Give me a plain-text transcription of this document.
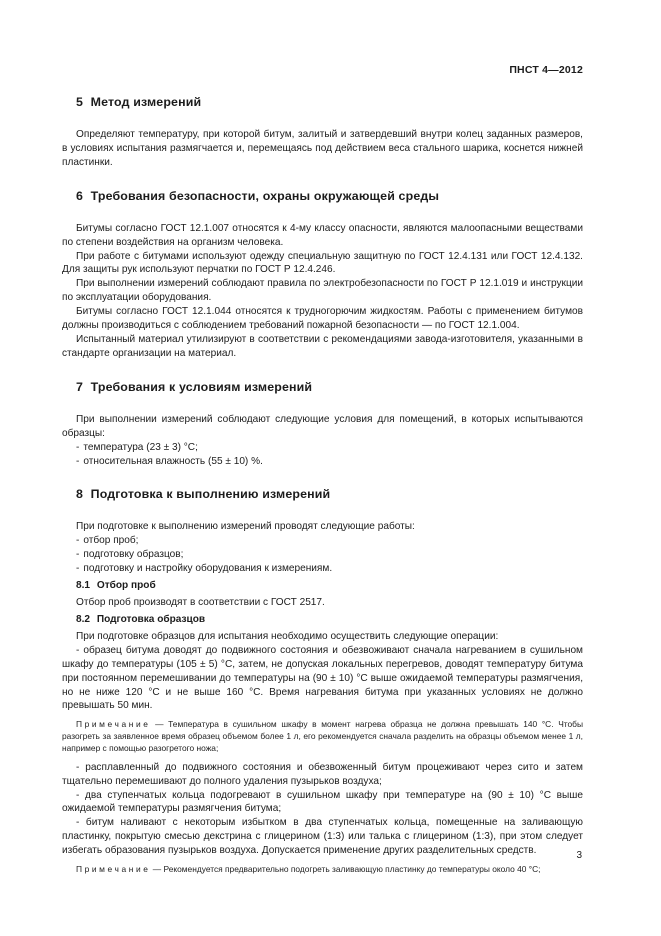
ПНСТ 4—2012
5 Метод измерений

Определяют температуру, при которой битум, залитый и затвердевший внутри колец заданных размеров, в условиях испытания размягчается и, перемещаясь под действием веса стального шарика, коснется нижней пластинки.

6 Требования безопасности, охраны окружающей среды

Битумы согласно ГОСТ 12.1.007 относятся к 4-му классу опасности, являются малоопасными веществами по степени воздействия на организм человека.

При работе с битумами используют одежду специальную защитную по ГОСТ 12.4.131 или ГОСТ 12.4.132. Для защиты рук используют перчатки по ГОСТ Р 12.4.246.

При выполнении измерений соблюдают правила по электробезопасности по ГОСТ Р 12.1.019 и инструкции по эксплуатации оборудования.

Битумы согласно ГОСТ 12.1.044 относятся к трудногорючим жидкостям. Работы с применением битумов должны производиться с соблюдением требований пожарной безопасности — по ГОСТ 12.1.004.

Испытанный материал утилизируют в соответствии с рекомендациями завода-изготовителя, указанными в стандарте организации на материал.

7 Требования к условиям измерений

При выполнении измерений соблюдают следующие условия для помещений, в которых испытываются образцы:

- температура (23 ± 3) °С;
- относительная влажность (55 ± 10) %.
8 Подготовка к выполнению измерений

При подготовке к выполнению измерений проводят следующие работы:

- отбор проб;
- подготовку образцов;
- подготовку и настройку оборудования к измерениям.
8.1 Отбор проб

Отбор проб производят в соответствии с ГОСТ 2517.

8.2 Подготовка образцов

При подготовке образцов для испытания необходимо осуществить следующие операции:

- образец битума доводят до подвижного состояния и обезвоживают сначала нагреванием в сушильном шкафу до температуры (105 ± 5) °С, затем, не допуская локальных перегревов, доводят температуру битума при постоянном перемешивании до температуры на (90 ± 10) °С выше ожидаемой температуры размягчения, но не ниже 120 °С и не выше 160 °С. Время нагревания битума при указанных условиях не должно превышать 50 мин.

Примечание — Температура в сушильном шкафу в момент нагрева образца не должна превышать 140 °С. Чтобы разогреть за заявленное время образец объемом более 1 л, его рекомендуется сначала разделить на образцы объемом менее 1 л, например с помощью разогретого ножа;

- расплавленный до подвижного состояния и обезвоженный битум процеживают через сито и затем тщательно перемешивают до полного удаления пузырьков воздуха;

- два ступенчатых кольца подогревают в сушильном шкафу при температуре на (90 ± 10) °С выше ожидаемой температуры размягчения битума;

- битум наливают с некоторым избытком в два ступенчатых кольца, помещенные на заливающую пластинку, покрытую смесью декстрина с глицерином (1:3) или талька с глицерином (1:3), при этом следует избегать образования пузырьков воздуха. Допускается применение других разделительных средств.

Примечание — Рекомендуется предварительно подогреть заливающую пластинку до температуры около 40 °С;

3
